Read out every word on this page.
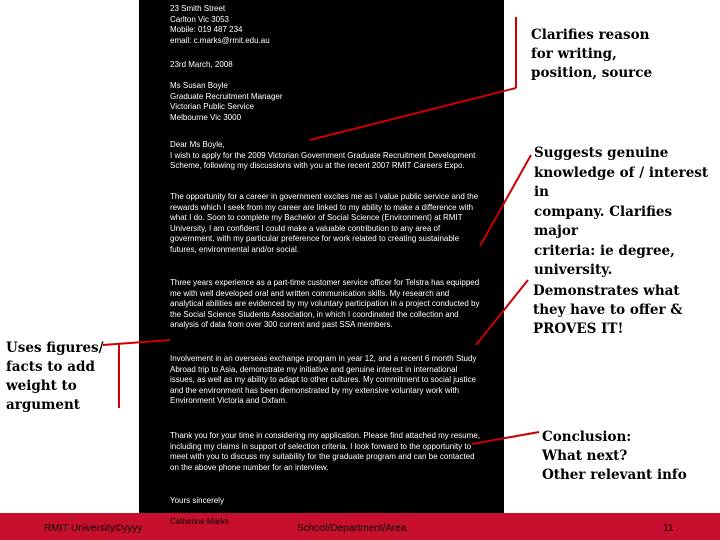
23 Smith Street
Carlton Vic 3053
Mobile: 019 487 234
email: c.marks@rmit.edu.au
23rd March, 2008
Ms Susan Boyle
Graduate Recruitment Manager
Victorian Public Service
Melbourne Vic 3000
Dear Ms Boyle,
I wish to apply for the 2009 Victorian Government Graduate Recruitment Development Scheme, following my discussions with you at the recent 2007 RMIT Careers Expo.
The opportunity for a career in government excites me as I value public service and the rewards which I seek from my career are linked to my ability to make a difference with what I do. Soon to complete my Bachelor of Social Science (Environment) at RMIT University, I am confident I could make a valuable contribution to any area of government, with my particular preference for work related to creating sustainable futures, environmental and/or social.
Three years experience as a part-time customer service officer for Telstra has equipped me with well developed oral and written communication skills. My research and analytical abilities are evidenced by my voluntary participation in a project conducted by the Social Science Students Association, in which I coordinated the collection and analysis of data from over 300 current and past SSA members.
Involvement in an overseas exchange program in year 12, and a recent 6 month Study Abroad trip to Asia, demonstrate my initiative and genuine interest in international issues, as well as my ability to adapt to other cultures. My commitment to social justice and the environment has been demonstrated by my extensive voluntary work with Environment Victoria and Oxfam.
Thank you for your time in considering my application. Please find attached my resume, including my claims in support of selection criteria. I look forward to the opportunity to meet with you to discuss my suitability for the graduate program and can be contacted on the above phone number for an interview.
Yours sincerely
Clarifies reason
for writing,
position, source
Suggests genuine
knowledge of / interest in
company. Clarifies major
criteria: ie degree,
university.
Demonstrates what
they have to offer &
PROVES IT!
Uses figures/
facts to add
weight to
argument
Conclusion:
What next?
Other relevant info
RMIT University©yyyy
Catherine Marks
School/Department/Area	11
